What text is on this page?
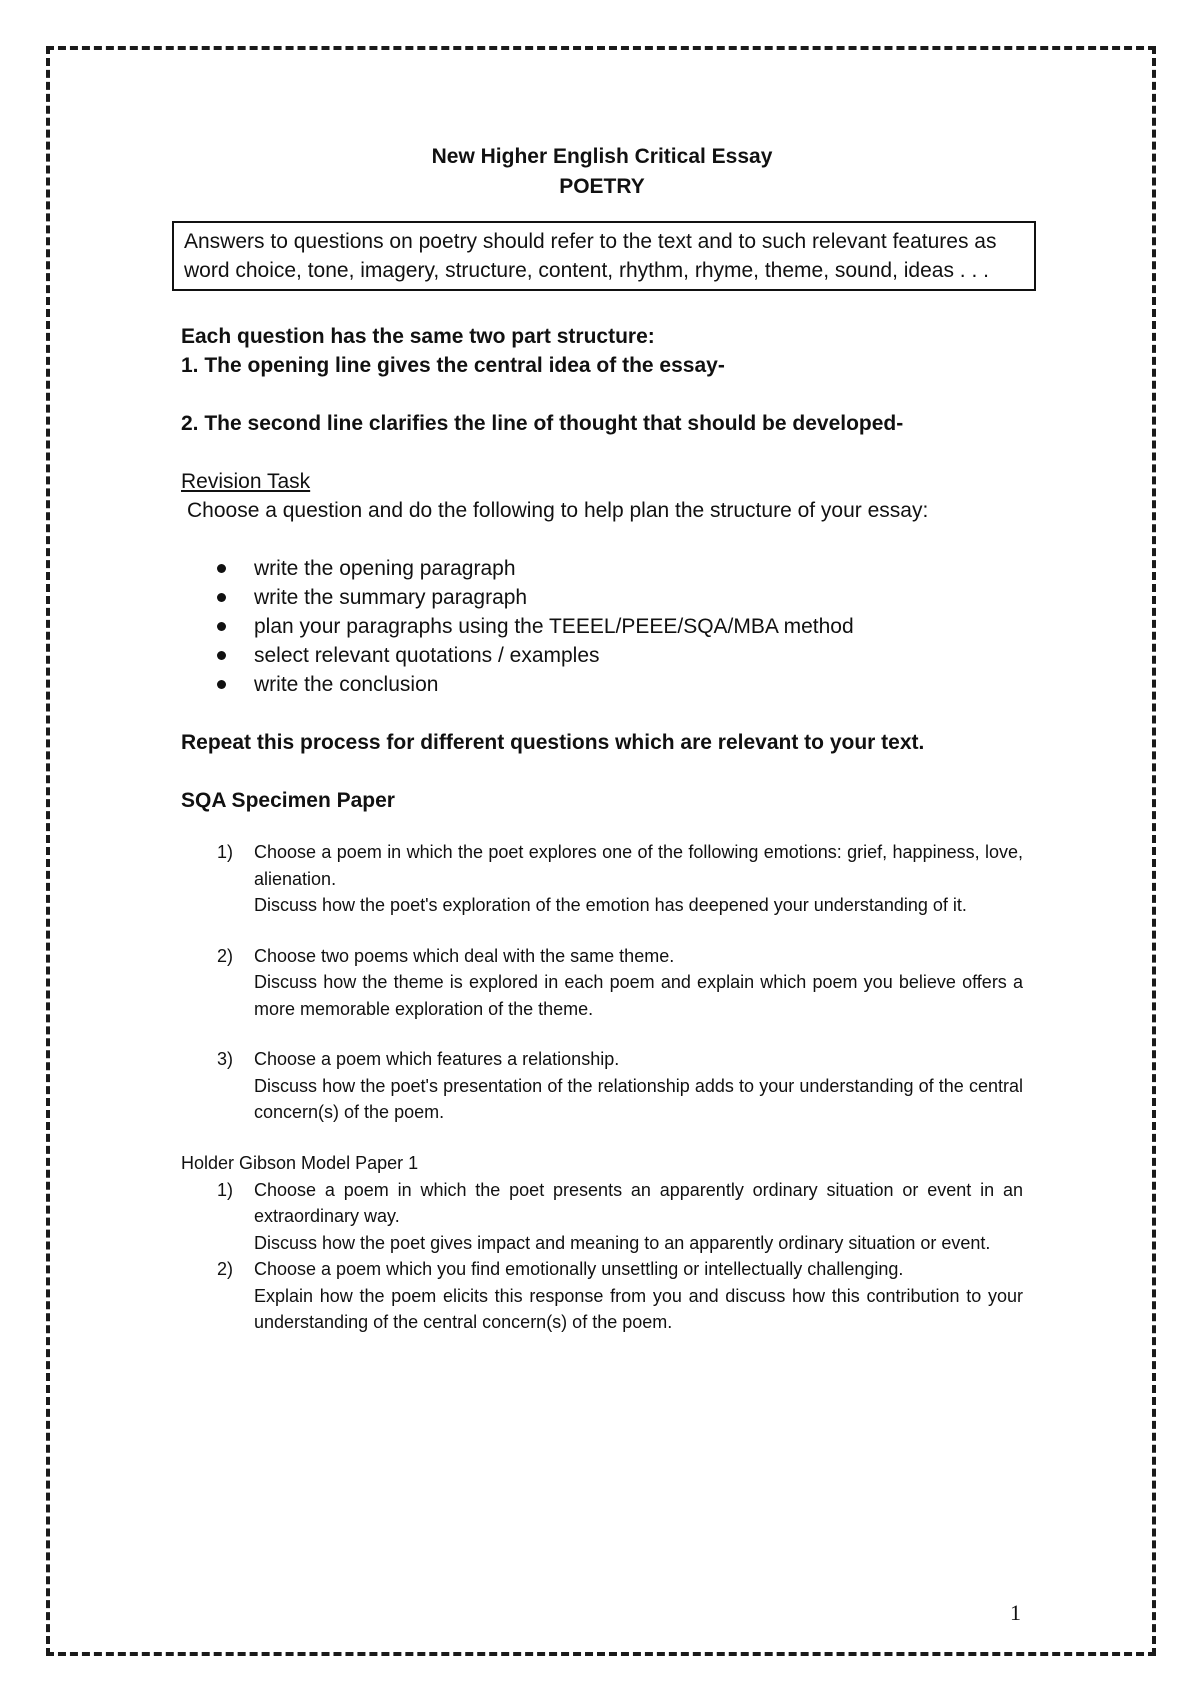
New Higher English Critical Essay
POETRY
Answers to questions on poetry should refer to the text and to such relevant features as word choice, tone, imagery, structure, content, rhythm, rhyme, theme, sound, ideas . . .
Each question has the same two part structure:
1. The opening line gives the central idea of the essay-
2. The second line clarifies the line of thought that should be developed-
Revision Task
Choose a question and do the following to help plan the structure of your essay:
write the opening paragraph
write the summary paragraph
plan your paragraphs using the TEEEL/PEEE/SQA/MBA method
select relevant quotations / examples
write the conclusion
Repeat this process for different questions which are relevant to your text.
SQA Specimen Paper
1) Choose a poem in which the poet explores one of the following emotions: grief, happiness, love, alienation.
Discuss how the poet's exploration of the emotion has deepened your understanding of it.
2) Choose two poems which deal with the same theme.
Discuss how the theme is explored in each poem and explain which poem you believe offers a more memorable exploration of the theme.
3) Choose a poem which features a relationship.
Discuss how the poet's presentation of the relationship adds to your understanding of the central concern(s) of the poem.
Holder Gibson Model Paper 1
1) Choose a poem in which the poet presents an apparently ordinary situation or event in an extraordinary way.
Discuss how the poet gives impact and meaning to an apparently ordinary situation or event.
2) Choose a poem which you find emotionally unsettling or intellectually challenging.
Explain how the poem elicits this response from you and discuss how this contribution to your understanding of the central concern(s) of the poem.
1
